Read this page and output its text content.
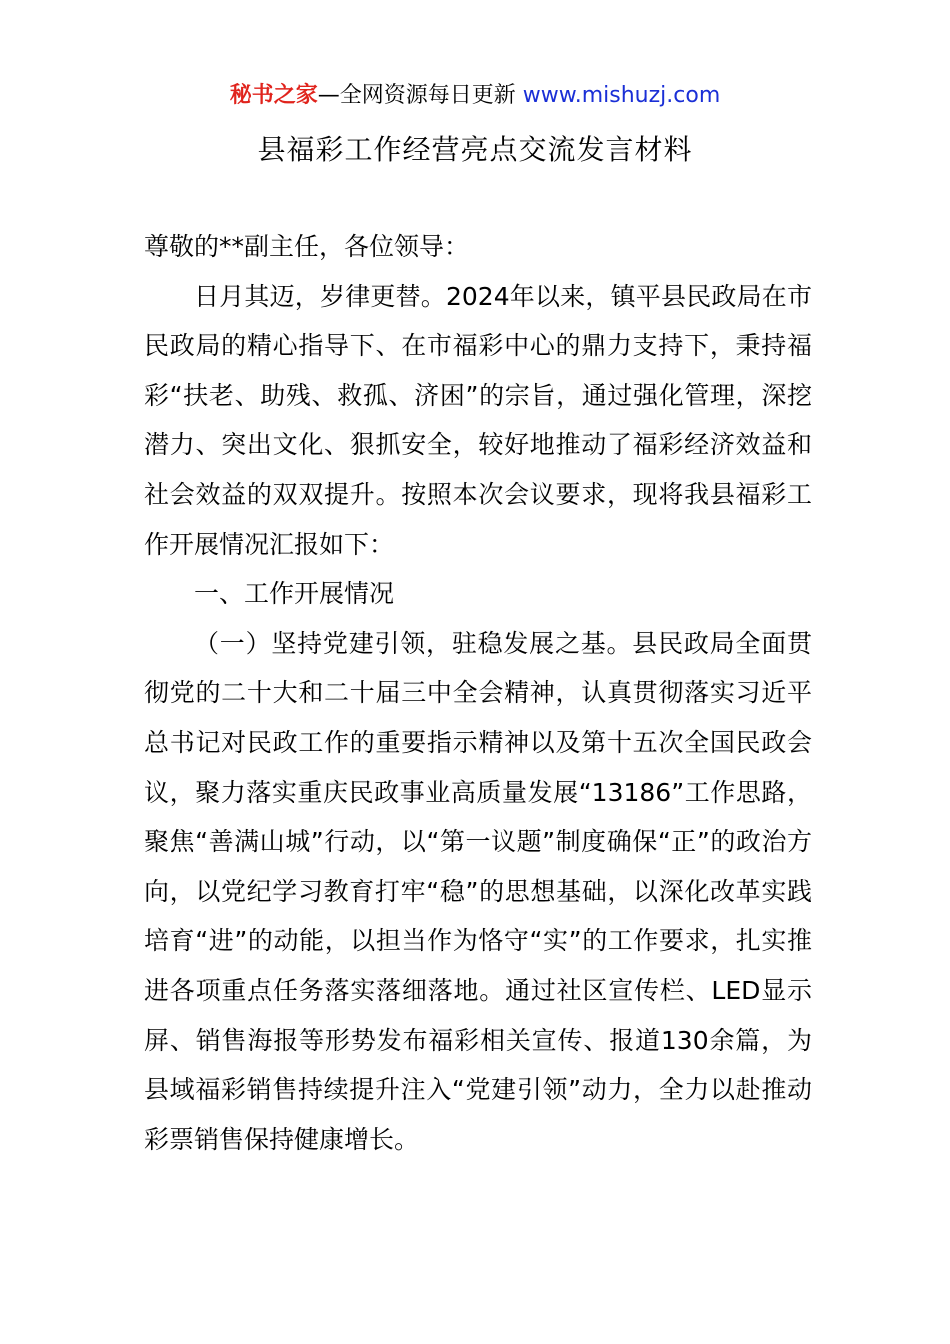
秘书之家—全网资源每日更新 www.mishuzj.com
县福彩工作经营亮点交流发言材料

尊敬的**副主任，各位领导：

日月其迈，岁律更替。2024年以来，镇平县民政局在市民政局的精心指导下、在市福彩中心的鼎力支持下，秉持福彩“扶老、助残、救孤、济困”的宗旨，通过强化管理，深挖潜力、突出文化、狠抓安全，较好地推动了福彩经济效益和社会效益的双双提升。按照本次会议要求，现将我县福彩工作开展情况汇报如下：

一、工作开展情况

（一）坚持党建引领，驻稳发展之基。县民政局全面贯彻党的二十大和二十届三中全会精神，认真贯彻落实习近平总书记对民政工作的重要指示精神以及第十五次全国民政会议，聚力落实重庆民政事业高质量发展“13186”工作思路，聚焦“善满山城”行动，以“第一议题”制度确保“正”的政治方向，以党纪学习教育打牢“稳”的思想基础，以深化改革实践培育“进”的动能，以担当作为恪守“实”的工作要求，扎实推进各项重点任务落实落细落地。通过社区宣传栏、LED显示屏、销售海报等形势发布福彩相关宣传、报道130余篇，为县域福彩销售持续提升注入“党建引领”动力，全力以赴推动彩票销售保持健康增长。
